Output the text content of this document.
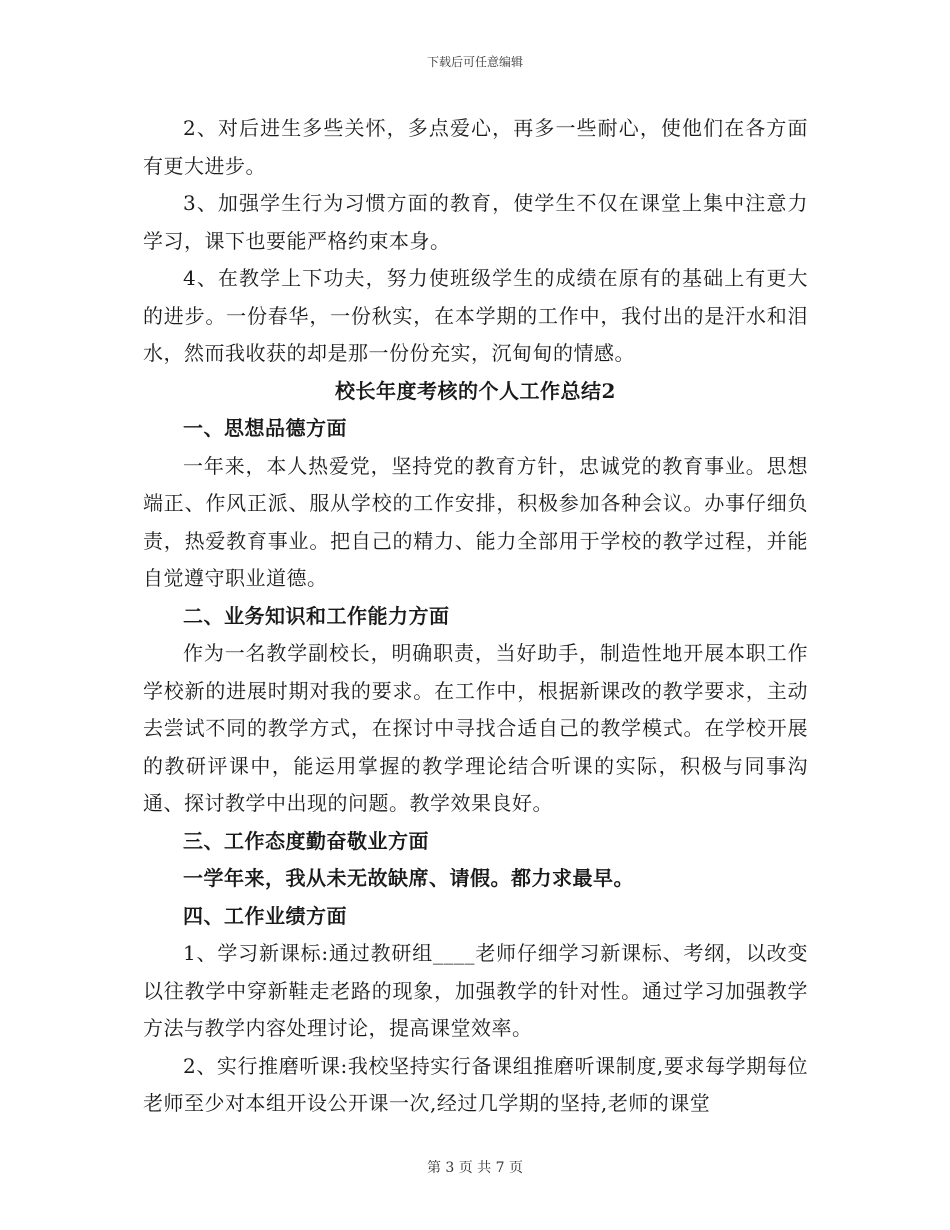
下载后可任意编辑

2、对后进生多些关怀，多点爱心，再多一些耐心，使他们在各方面有更大进步。

3、加强学生行为习惯方面的教育，使学生不仅在课堂上集中注意力学习，课下也要能严格约束本身。

4、在教学上下功夫，努力使班级学生的成绩在原有的基础上有更大的进步。一份春华，一份秋实，在本学期的工作中，我付出的是汗水和泪水，然而我收获的却是那一份份充实，沉甸甸的情感。

校长年度考核的个人工作总结2

一、思想品德方面

一年来，本人热爱党，坚持党的教育方针，忠诚党的教育事业。思想端正、作风正派、服从学校的工作安排，积极参加各种会议。办事仔细负责，热爱教育事业。把自己的精力、能力全部用于学校的教学过程，并能自觉遵守职业道德。

二、业务知识和工作能力方面

作为一名教学副校长，明确职责，当好助手，制造性地开展本职工作学校新的进展时期对我的要求。在工作中，根据新课改的教学要求，主动去尝试不同的教学方式，在探讨中寻找合适自己的教学模式。在学校开展的教研评课中，能运用掌握的教学理论结合听课的实际，积极与同事沟通、探讨教学中出现的问题。教学效果良好。

三、工作态度勤奋敬业方面

一学年来，我从未无故缺席、请假。都力求最早。

四、工作业绩方面

1、学习新课标:通过教研组____老师仔细学习新课标、考纲，以改变以往教学中穿新鞋走老路的现象，加强教学的针对性。通过学习加强教学方法与教学内容处理讨论，提高课堂效率。

2、实行推磨听课:我校坚持实行备课组推磨听课制度,要求每学期每位老师至少对本组开设公开课一次,经过几学期的坚持,老师的课堂

第 3 页 共 7 页
